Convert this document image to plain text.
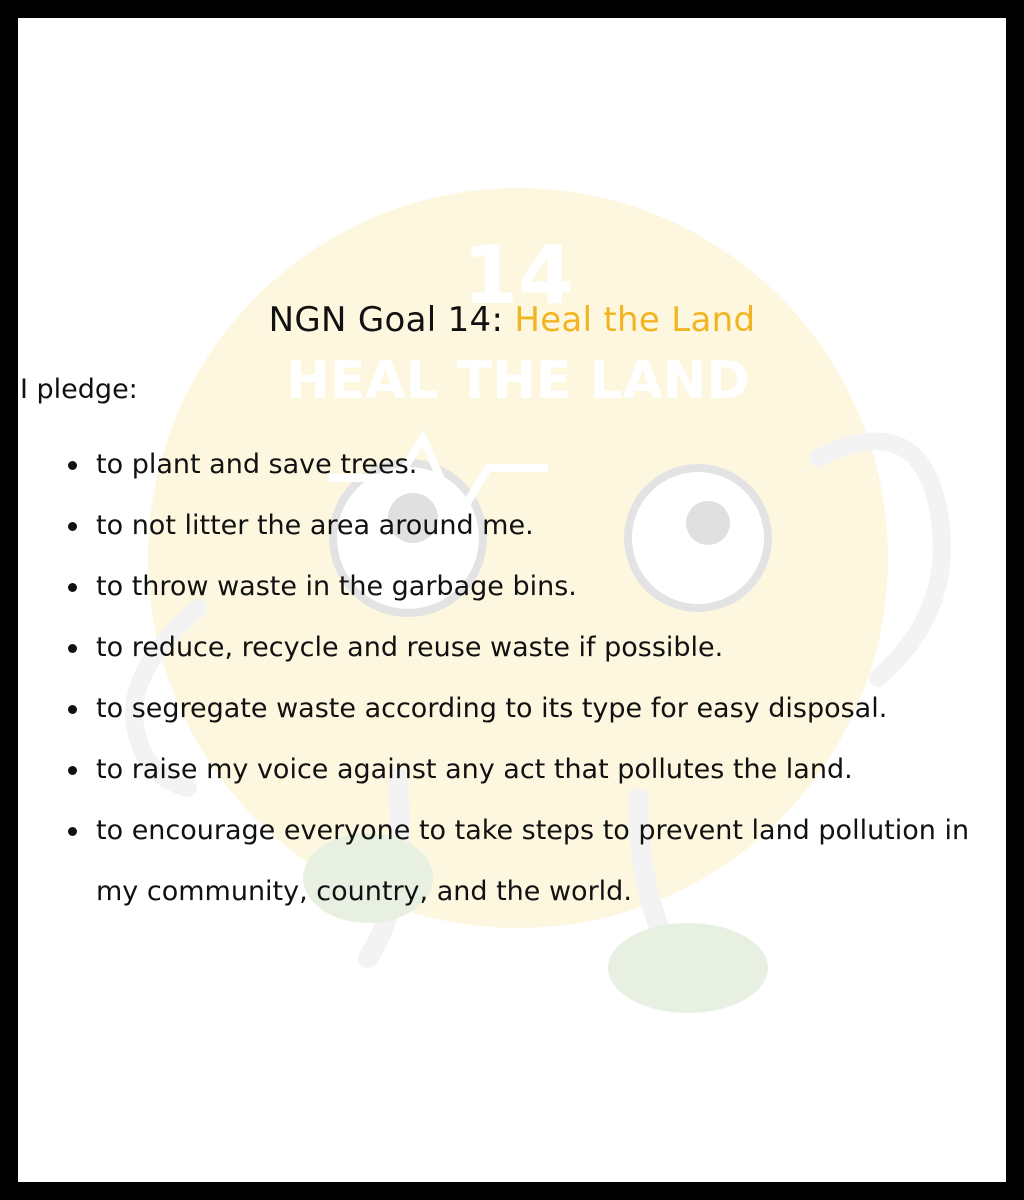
14
HEAL THE LAND
NGN Goal 14: Heal the Land
I pledge:
to plant and save trees.
to not litter the area around me.
to throw waste in the garbage bins.
to reduce, recycle and reuse waste if possible.
to segregate waste according to its type for easy disposal.
to raise my voice against any act that pollutes the land.
to encourage everyone to take steps to prevent land pollution in my community, country, and the world.
